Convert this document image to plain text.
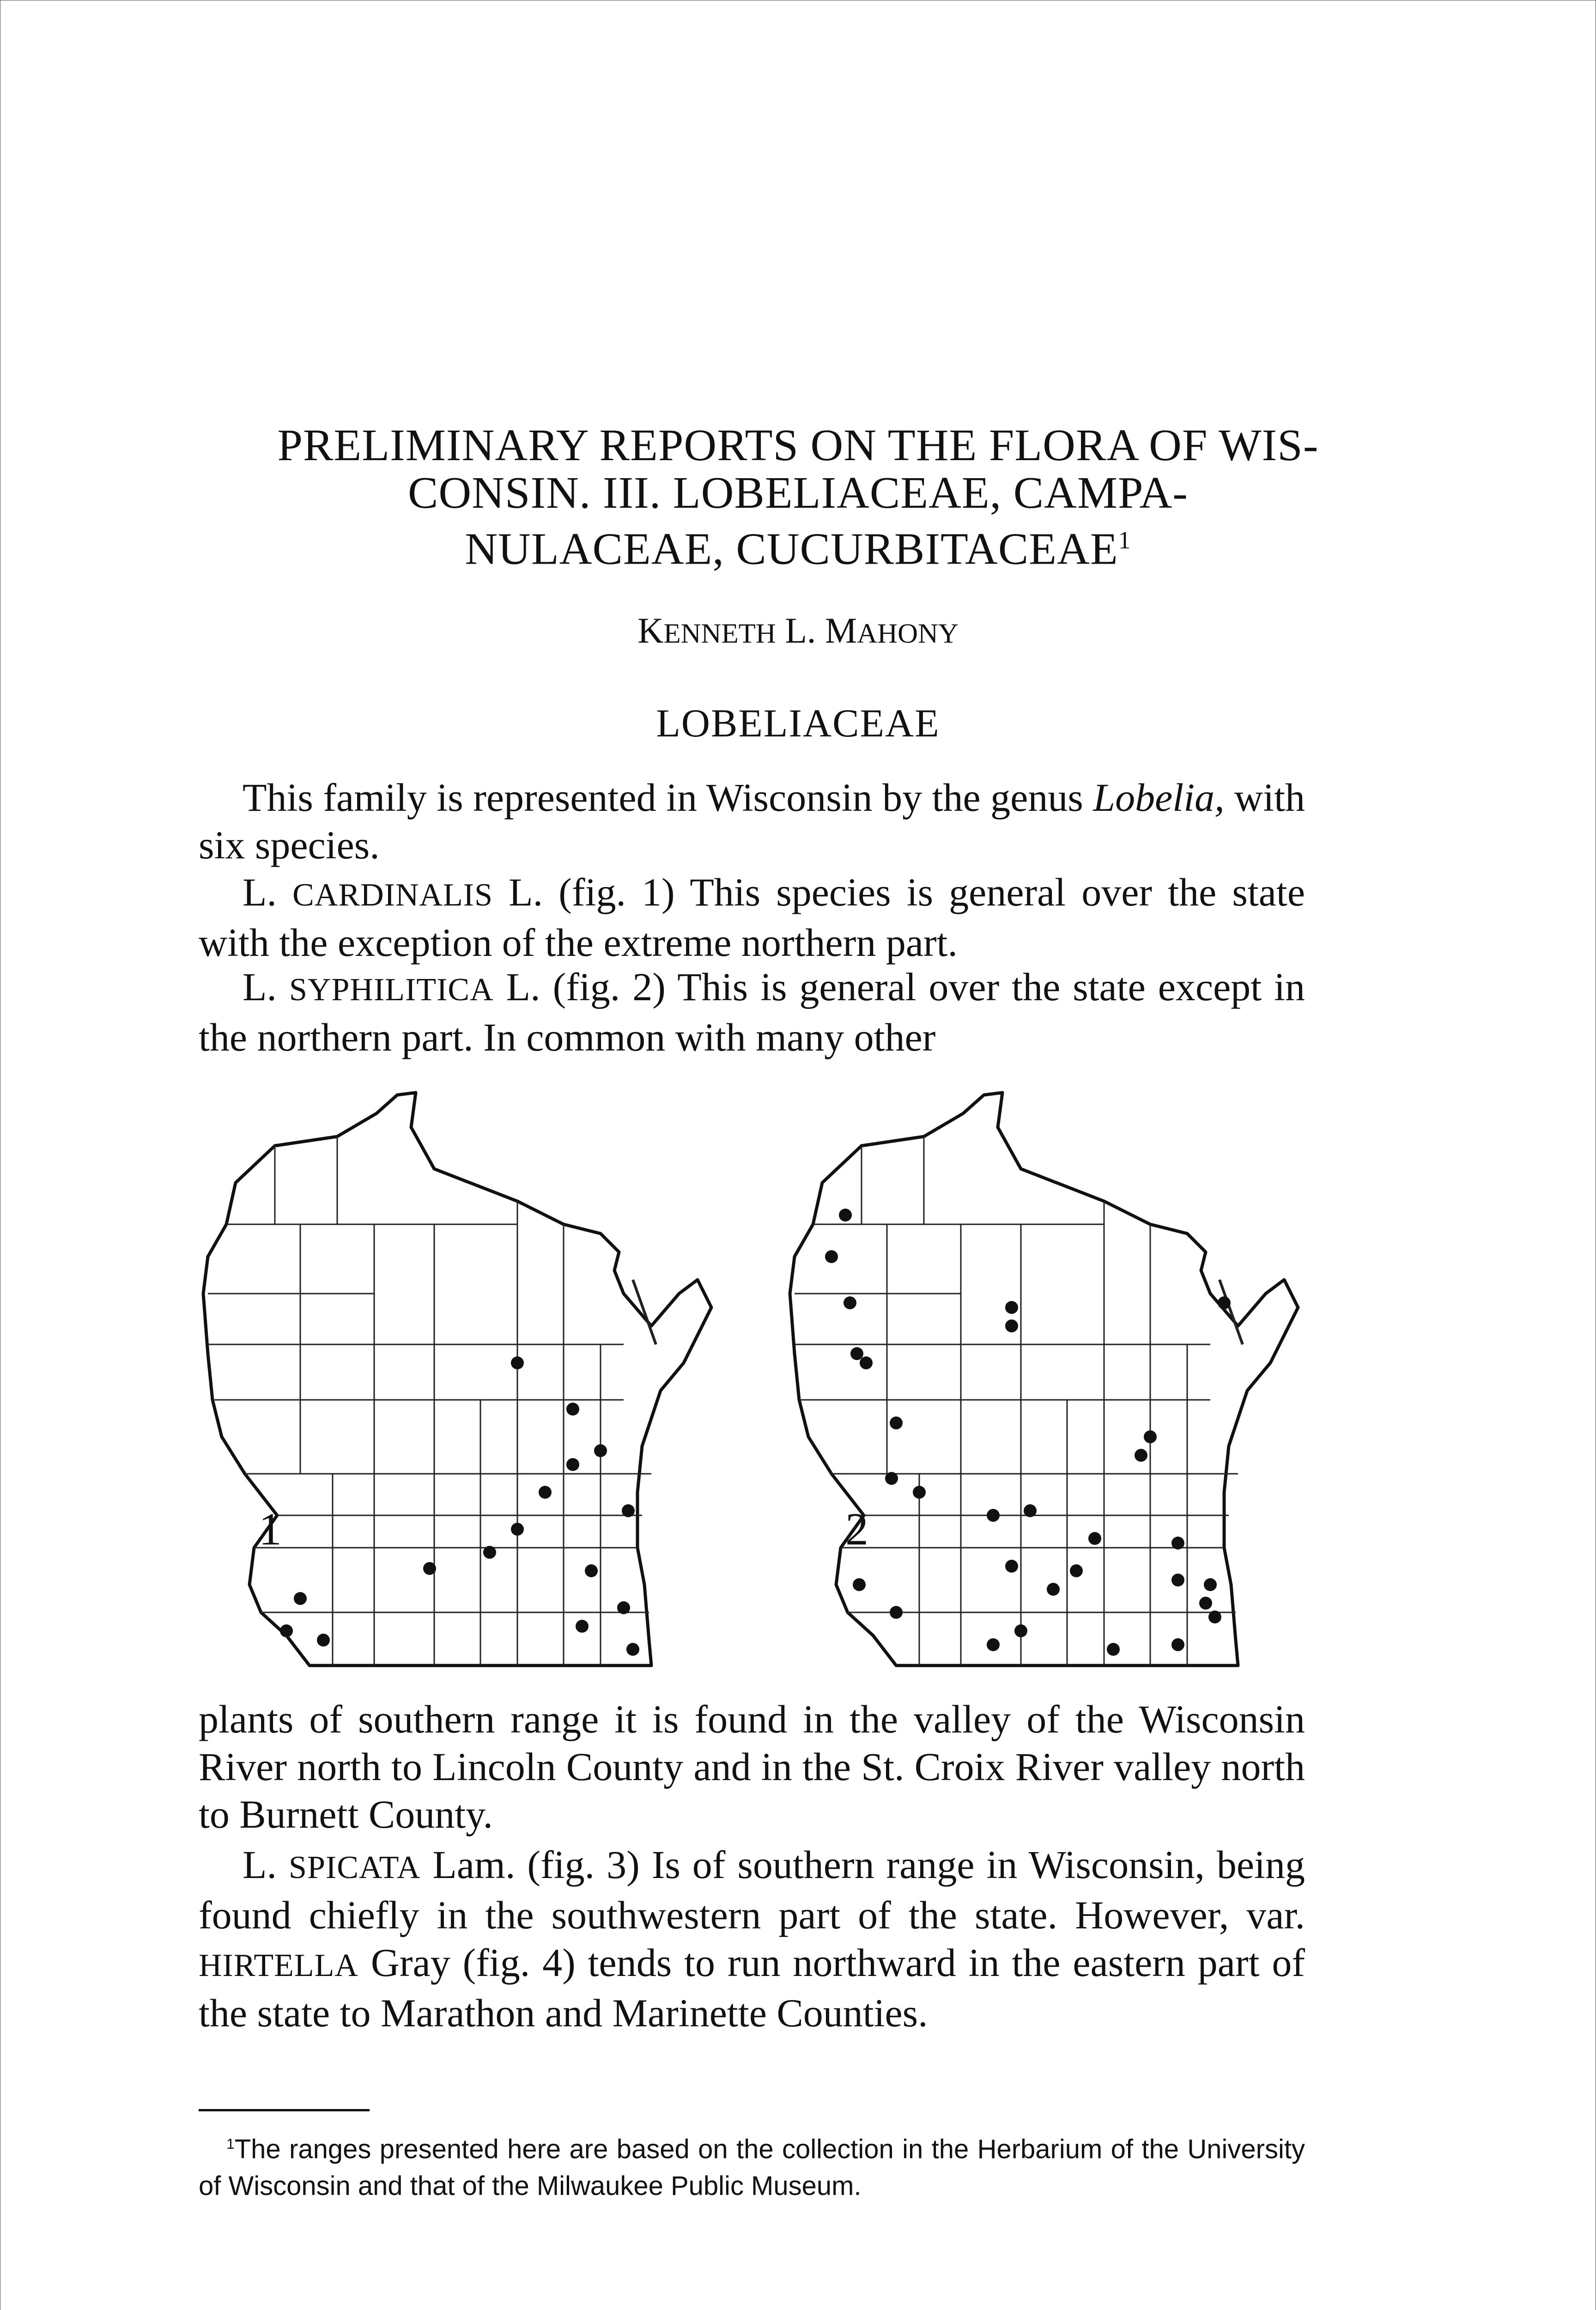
PRELIMINARY REPORTS ON THE FLORA OF WIS-
CONSIN. III. LOBELIACEAE, CAMPA-
NULACEAE, CUCURBITACEAE$^1$
KENNETH L. MAHONY
LOBELIACEAE

This family is represented in Wisconsin by the genus Lobelia, with six species.

L. CARDINALIS L. (fig. 1) This species is general over the state with the exception of the extreme northern part.

L. SYPHILITICA L. (fig. 2) This is general over the state except in the northern part. In common with many other

1	2

plants of southern range it is found in the valley of the Wisconsin River north to Lincoln County and in the St. Croix River valley north to Burnett County.

L. SPICATA Lam. (fig. 3) Is of southern range in Wisconsin, being found chiefly in the southwestern part of the state. However, var. HIRTELLA Gray (fig. 4) tends to run northward in the eastern part of the state to Marathon and Marinette Counties.

$^1$The ranges presented here are based on the collection in the Herbarium of the University of Wisconsin and that of the Milwaukee Public Museum.
